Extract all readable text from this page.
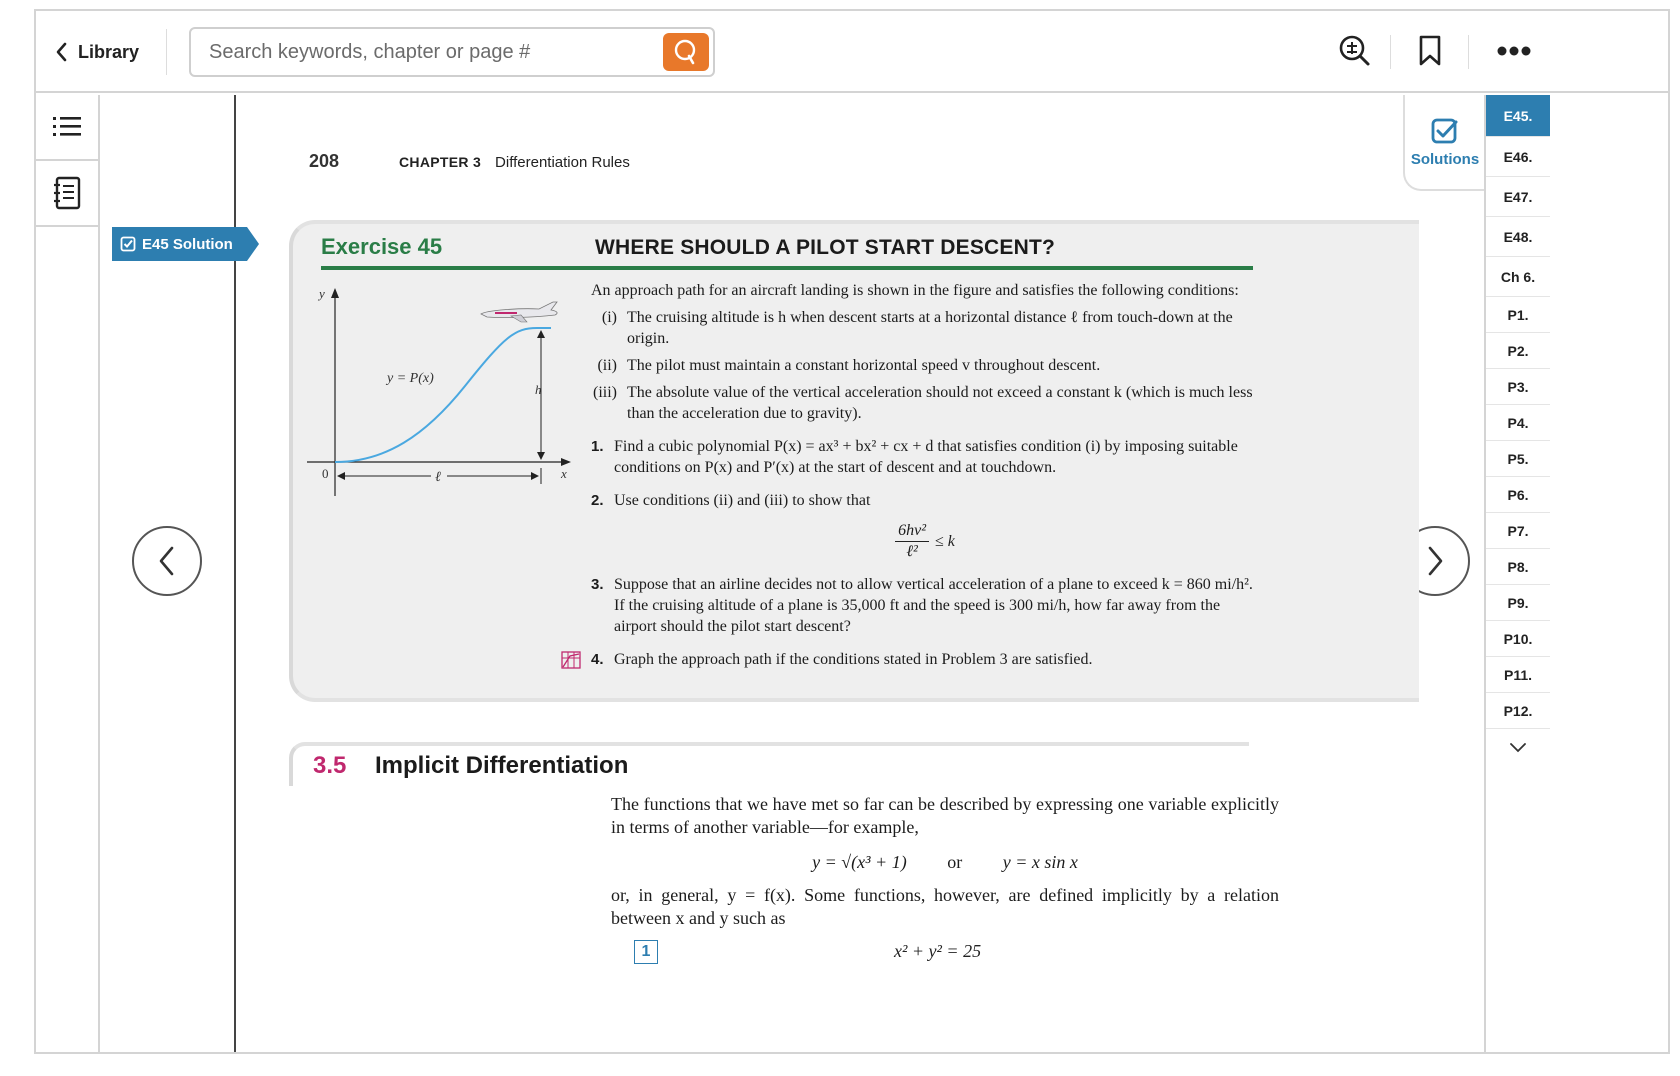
Library
Search keywords, chapter or page #
E45 Solution
208	CHAPTER 3 Differentiation Rules
Exercise 45	WHERE SHOULD A PILOT START DESCENT?
y
x
0
y = P(x)
h
ℓ

An approach path for an aircraft landing is shown in the figure and satisfies the following conditions:

(i) The cruising altitude is h when descent starts at a horizontal distance ℓ from touch-down at the origin.
(ii) The pilot must maintain a constant horizontal speed v throughout descent.
(iii) The absolute value of the vertical acceleration should not exceed a constant k (which is much less than the acceleration due to gravity).
1. Find a cubic polynomial P(x) = ax³ + bx² + cx + d that satisfies condition (i) by imposing suitable conditions on P(x) and P′(x) at the start of descent and at touchdown.
2. Use conditions (ii) and (iii) to show that
$\frac{\text{6hv²}}{\text{ℓ²}} \le k$
3. Suppose that an airline decides not to allow vertical acceleration of a plane to exceed k = 860 mi/h². If the cruising altitude of a plane is 35,000 ft and the speed is 300 mi/h, how far away from the airport should the pilot start descent?
4. Graph the approach path if the conditions stated in Problem 3 are satisfied.
3.5 Implicit Differentiation

The functions that we have met so far can be described by expressing one variable explicitly in terms of another variable—for example,

y = √(x³ + 1) or y = x sin x

or, in general, y = f(x). Some functions, however, are defined implicitly by a relation between x and y such as

1	x² + y² = 25
Solutions
E45.
E46.
E47.
E48.
Ch 6.
P1.
P2.
P3.
P4.
P5.
P6.
P7.
P8.
P9.
P10.
P11.
P12.
